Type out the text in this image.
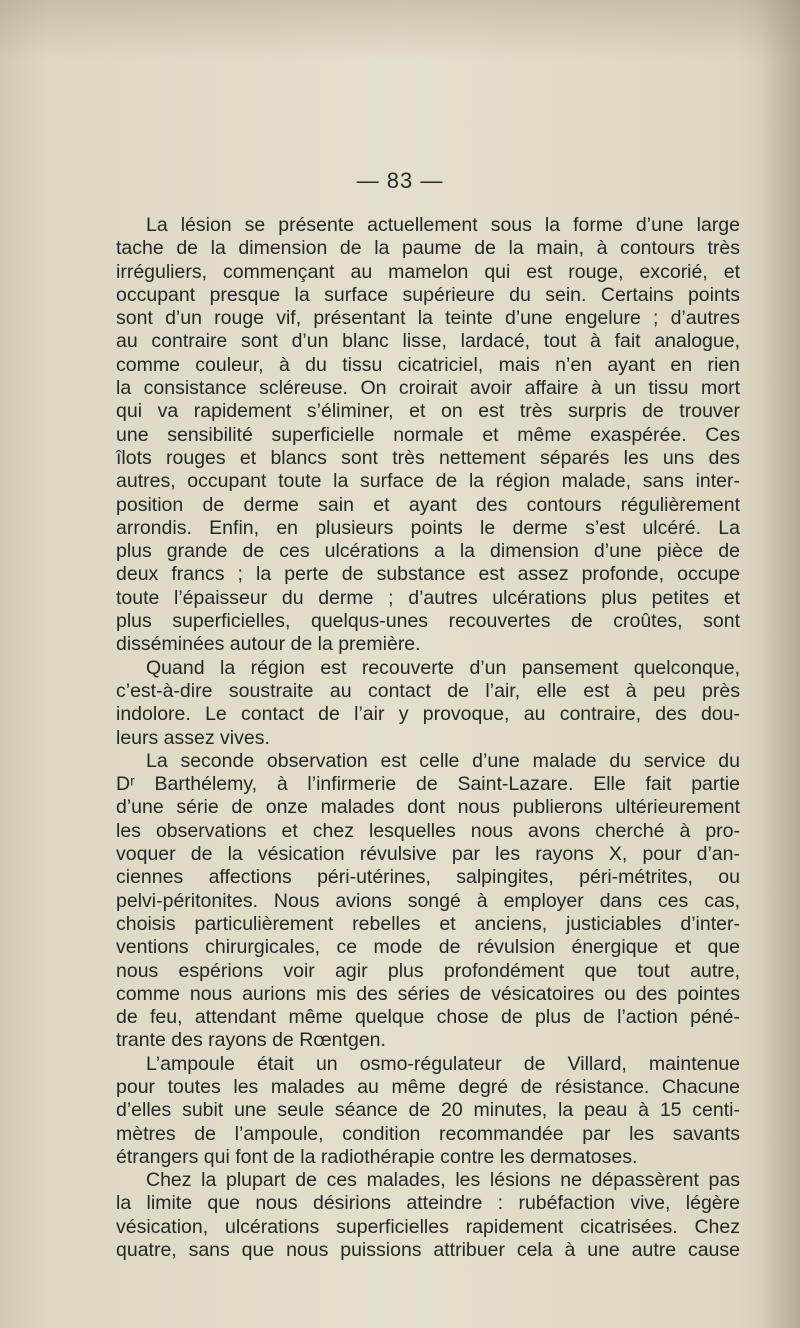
— 83 —
La lésion se présente actuellement sous la forme d’une large
tache de la dimension de la paume de la main, à contours très
irréguliers, commençant au mamelon qui est rouge, excorié, et
occupant presque la surface supérieure du sein. Certains points
sont d’un rouge vif, présentant la teinte d’une engelure ; d’autres
au contraire sont d’un blanc lisse, lardacé, tout à fait analogue,
comme couleur, à du tissu cicatriciel, mais n’en ayant en rien
la consistance scléreuse. On croirait avoir affaire à un tissu mort
qui va rapidement s’éliminer, et on est très surpris de trouver
une sensibilité superficielle normale et même exaspérée. Ces
îlots rouges et blancs sont très nettement séparés les uns des
autres, occupant toute la surface de la région malade, sans inter-
position de derme sain et ayant des contours régulièrement
arrondis. Enfin, en plusieurs points le derme s’est ulcéré. La
plus grande de ces ulcérations a la dimension d’une pièce de
deux francs ; la perte de substance est assez profonde, occupe
toute l’épaisseur du derme ; d’autres ulcérations plus petites et
plus superficielles, quelqus-unes recouvertes de croûtes, sont
disséminées autour de la première.
Quand la région est recouverte d’un pansement quelconque,
c’est-à-dire soustraite au contact de l’air, elle est à peu près
indolore. Le contact de l’air y provoque, au contraire, des dou-
leurs assez vives.
La seconde observation est celle d’une malade du service du
Dʳ Barthélemy, à l’infirmerie de Saint-Lazare. Elle fait partie
d’une série de onze malades dont nous publierons ultérieurement
les observations et chez lesquelles nous avons cherché à pro-
voquer de la vésication révulsive par les rayons X, pour d’an-
ciennes affections péri-utérines, salpingites, péri-métrites, ou
pelvi-péritonites. Nous avions songé à employer dans ces cas,
choisis particulièrement rebelles et anciens, justiciables d’inter-
ventions chirurgicales, ce mode de révulsion énergique et que
nous espérions voir agir plus profondément que tout autre,
comme nous aurions mis des séries de vésicatoires ou des pointes
de feu, attendant même quelque chose de plus de l’action péné-
trante des rayons de Rœntgen.
L’ampoule était un osmo-régulateur de Villard, maintenue
pour toutes les malades au même degré de résistance. Chacune
d’elles subit une seule séance de 20 minutes, la peau à 15 centi-
mètres de l’ampoule, condition recommandée par les savants
étrangers qui font de la radiothérapie contre les dermatoses.
Chez la plupart de ces malades, les lésions ne dépassèrent pas
la limite que nous désirions atteindre : rubéfaction vive, légère
vésication, ulcérations superficielles rapidement cicatrisées. Chez
quatre, sans que nous puissions attribuer cela à une autre cause
